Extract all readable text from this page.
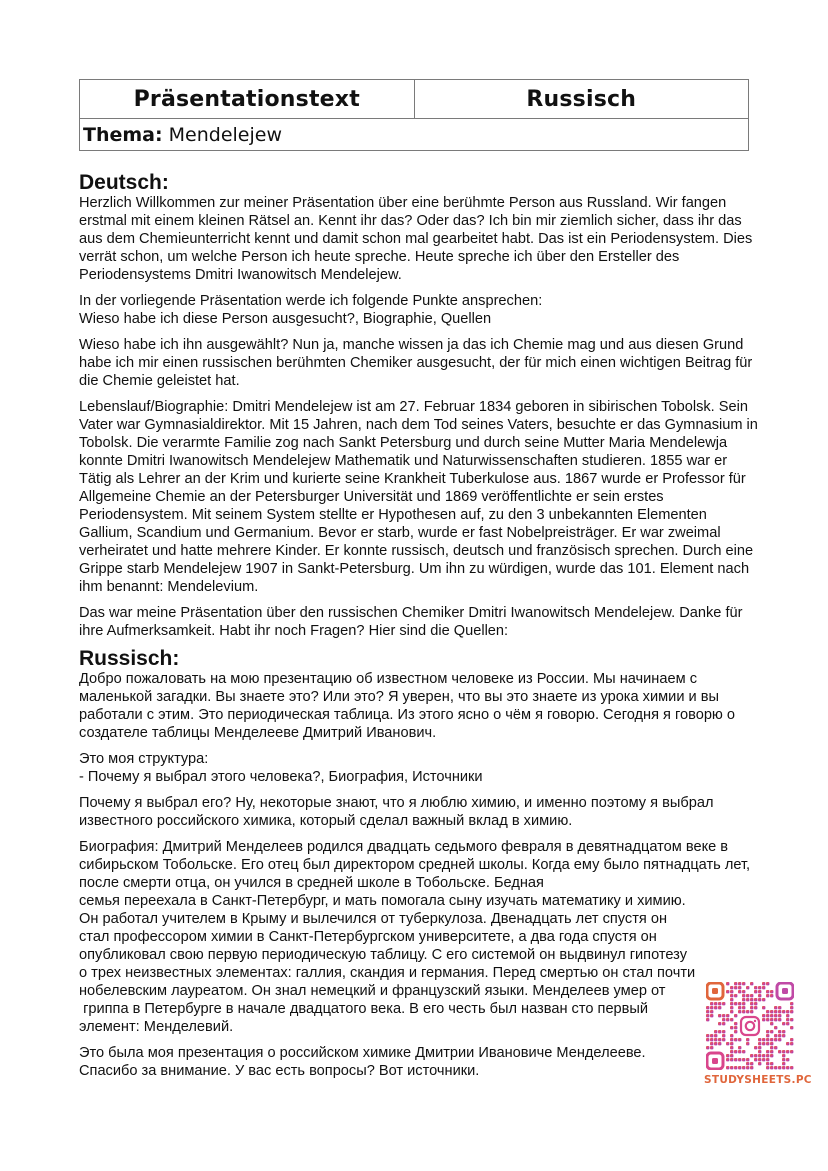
Präsentationstext	Russisch
Thema: Mendelejew
Deutsch:

Herzlich Willkommen zur meiner Präsentation über eine berühmte Person aus Russland. Wir fangen erstmal mit einem kleinen Rätsel an. Kennt ihr das? Oder das? Ich bin mir ziemlich sicher, dass ihr das aus dem Chemieunterricht kennt und damit schon mal gearbeitet habt. Das ist ein Periodensystem. Dies verrät schon, um welche Person ich heute spreche. Heute spreche ich über den Ersteller des Periodensystems Dmitri Iwanowitsch Mendelejew.

In der vorliegende Präsentation werde ich folgende Punkte ansprechen:

Wieso habe ich diese Person ausgesucht?, Biographie, Quellen

Wieso habe ich ihn ausgewählt? Nun ja, manche wissen ja das ich Chemie mag und aus diesen Grund habe ich mir einen russischen berühmten Chemiker ausgesucht, der für mich einen wichtigen Beitrag für die Chemie geleistet hat.

Lebenslauf/Biographie: Dmitri Mendelejew ist am 27. Februar 1834 geboren in sibirischen Tobolsk. Sein Vater war Gymnasialdirektor. Mit 15 Jahren, nach dem Tod seines Vaters, besuchte er das Gymnasium in Tobolsk. Die verarmte Familie zog nach Sankt Petersburg und durch seine Mutter Maria Mendelewja konnte Dmitri Iwanowitsch Mendelejew Mathematik und Naturwissenschaften studieren. 1855 war er Tätig als Lehrer an der Krim und kurierte seine Krankheit Tuberkulose aus. 1867 wurde er Professor für Allgemeine Chemie an der Petersburger Universität und 1869 veröffentlichte er sein erstes Periodensystem. Mit seinem System stellte er Hypothesen auf, zu den 3 unbekannten Elementen Gallium, Scandium und Germanium. Bevor er starb, wurde er fast Nobelpreisträger. Er war zweimal verheiratet und hatte mehrere Kinder. Er konnte russisch, deutsch und französisch sprechen. Durch eine Grippe starb Mendelejew 1907 in Sankt-Petersburg. Um ihn zu würdigen, wurde das 101. Element nach ihm benannt: Mendelevium.

Das war meine Präsentation über den russischen Chemiker Dmitri Iwanowitsch Mendelejew. Danke für ihre Aufmerksamkeit. Habt ihr noch Fragen? Hier sind die Quellen:

Russisch:

Добро пожаловать на мою презентацию об известном человеке из России. Мы начинаем с маленькой загадки. Вы знаете это? Или это? Я уверен, что вы это знаете из урока химии и вы работали с этим. Это периодическая таблица. Из этого ясно о чём я говорю. Сегодня я говорю о создателе таблицы Менделееве Дмитрий Иванович.

Это моя структура:

- Почему я выбрал этого человека?, Биография, Источники

Почему я выбрал его? Ну, некоторые знают, что я люблю химию, и именно поэтому я выбрал известного российского химика, который сделал важный вклад в химию.

Биография: Дмитрий Менделеев родился двадцать седьмого февраля в девятнадцатом веке в сибирьском Тобольске. Его отец был директором средней школы. Когда ему было пятнадцать лет, после смерти отца, он учился в средней школе в Тобольске. Бедная

семья переехала в Санкт-Петербург, и мать помогала сыну изучать математику и химию. Он работал учителем в Крыму и вылечился от туберкулоза. Двенадцать лет спустя он стал профессором химии в Санкт-Петербургском университете, а два года спустя он опубликовал свою первую периодическую таблицу. С его системой он выдвинул гипотезу о трех неизвестных элементах: галлия, скандия и германия. Перед смертью он стал почти нобелевским лауреатом. Он знал немецкий и французский языки. Менделеев умер от

гриппа в Петербурге в начале двадцатого века. В его честь был назван сто первый элемент: Менделевий.

Это была моя презентация о российском химике Дмитрии Ивановиче Менделееве. Спасибо за внимание. У вас есть вопросы? Вот источники.

STUDYSHEETS.PC
